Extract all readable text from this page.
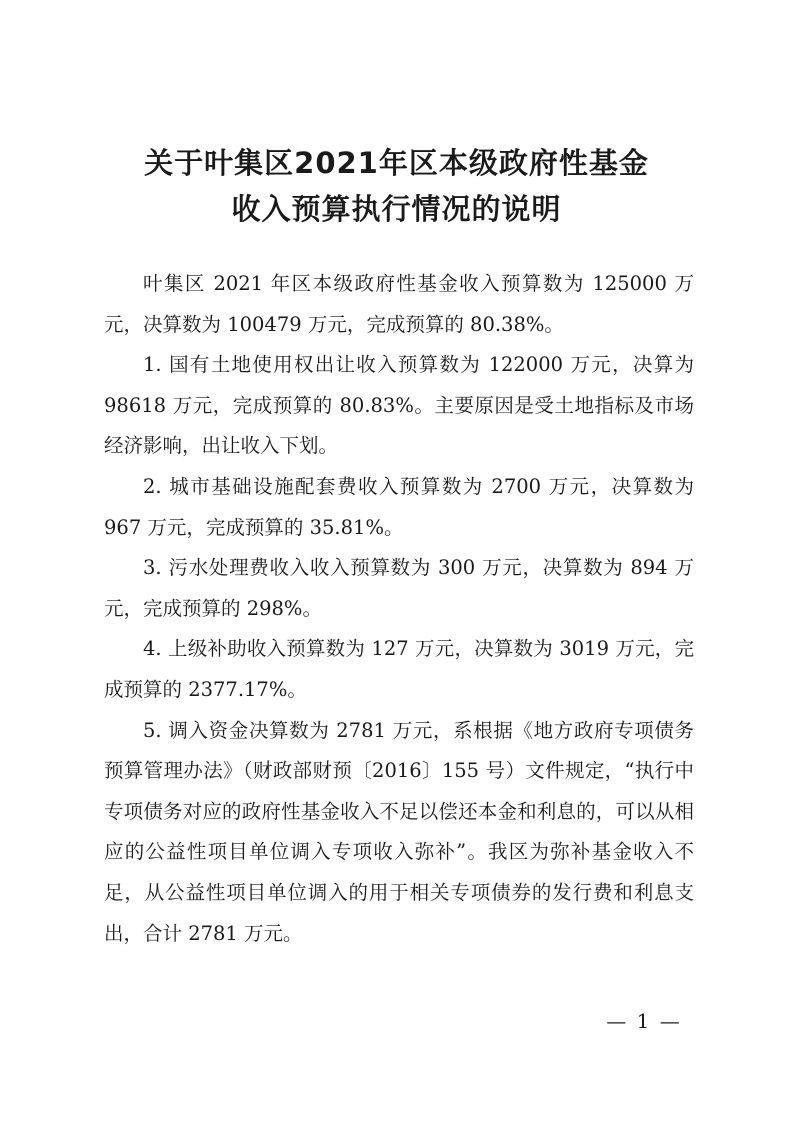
关于叶集区2021年区本级政府性基金
收入预算执行情况的说明

叶集区 2021 年区本级政府性基金收入预算数为 125000 万元，决算数为 100479 万元，完成预算的 80.38%。

1. 国有土地使用权出让收入预算数为 122000 万元，决算为 98618 万元，完成预算的 80.83%。主要原因是受土地指标及市场经济影响，出让收入下划。

2. 城市基础设施配套费收入预算数为 2700 万元，决算数为 967 万元，完成预算的 35.81%。

3. 污水处理费收入收入预算数为 300 万元，决算数为 894 万元，完成预算的 298%。

4. 上级补助收入预算数为 127 万元，决算数为 3019 万元，完成预算的 2377.17%。

5. 调入资金决算数为 2781 万元，系根据《地方政府专项债务预算管理办法》（财政部财预〔2016〕155 号）文件规定，“执行中专项债务对应的政府性基金收入不足以偿还本金和利息的，可以从相应的公益性项目单位调入专项收入弥补”。我区为弥补基金收入不足，从公益性项目单位调入的用于相关专项债券的发行费和利息支出，合计 2781 万元。

— 1 —
